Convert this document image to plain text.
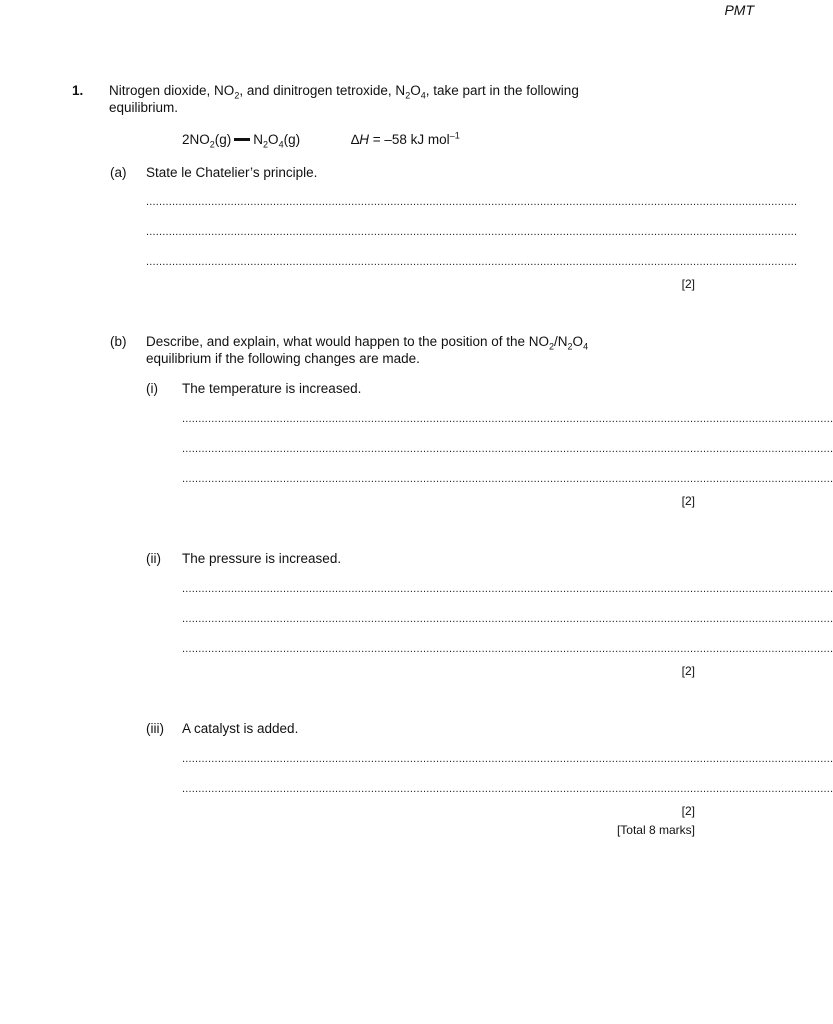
PMT
1. Nitrogen dioxide, $NO_2$, and dinitrogen tetroxide, $N_2O_4$, take part in the following
equilibrium.
$2NO_2(g)$ $N_2O_4(g)$	∆H = –58 kJ mol$^{-1}$
(a) State le Chatelier’s principle.
........................................................................................................................................................................................................
........................................................................................................................................................................................................
........................................................................................................................................................................................................
[2]
(b) Describe, and explain, what would happen to the position of the $NO_2/N_2O_4$
equilibrium if the following changes are made.
(i) The temperature is increased.
........................................................................................................................................................................................................
........................................................................................................................................................................................................
........................................................................................................................................................................................................
[2]
(ii) The pressure is increased.
........................................................................................................................................................................................................
........................................................................................................................................................................................................
........................................................................................................................................................................................................
[2]
(iii) A catalyst is added.
........................................................................................................................................................................................................
........................................................................................................................................................................................................
[2]
[Total 8 marks]
